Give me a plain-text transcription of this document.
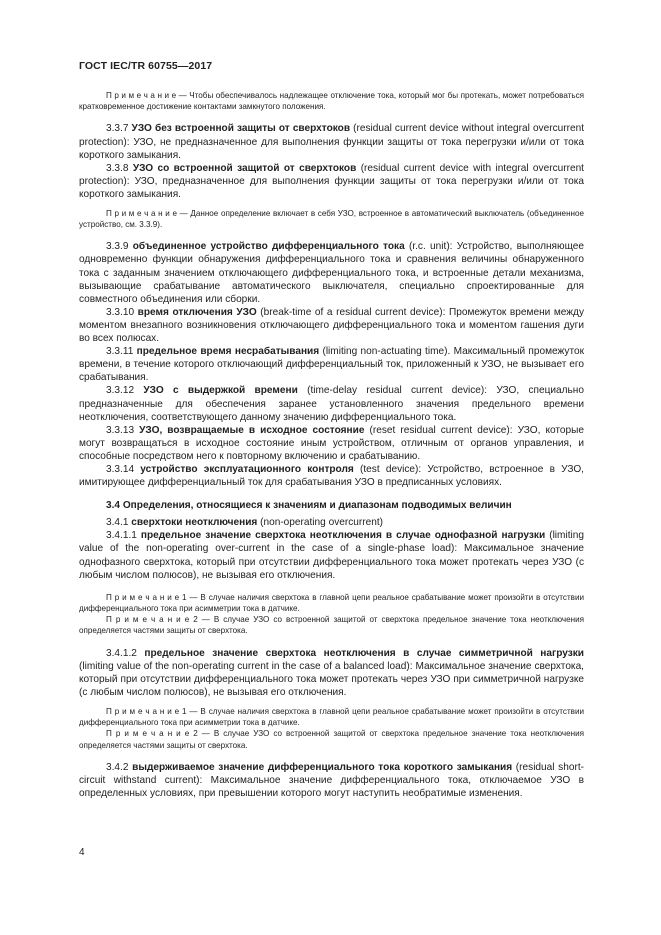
ГОСТ IEC/TR 60755—2017

П р и м е ч а н и е — Чтобы обеспечивалось надлежащее отключение тока, который мог бы протекать, может потребоваться кратковременное достижение контактами замкнутого положения.

3.3.7 УЗО без встроенной защиты от сверхтоков (residual current device without integral overcurrent protection): УЗО, не предназначенное для выполнения функции защиты от тока перегрузки и/или от тока короткого замыкания.

3.3.8 УЗО со встроенной защитой от сверхтоков (residual current device with integral overcurrent protection): УЗО, предназначенное для выполнения функции защиты от тока перегрузки и/или от тока короткого замыкания.

П р и м е ч а н и е — Данное определение включает в себя УЗО, встроенное в автоматический выключатель (объединенное устройство, см. 3.3.9).

3.3.9 объединенное устройство дифференциального тока (r.c. unit): Устройство, выполняющее одновременно функции обнаружения дифференциального тока и сравнения величины обнаруженного тока с заданным значением отключающего дифференциального тока, и встроенные детали механизма, вызывающие срабатывание автоматического выключателя, специально спроектированные для совместного объединения или сборки.

3.3.10 время отключения УЗО (break-time of a residual current device): Промежуток времени между моментом внезапного возникновения отключающего дифференциального тока и моментом гашения дуги во всех полюсах.

3.3.11 предельное время несрабатывания (limiting non-actuating time). Максимальный промежуток времени, в течение которого отключающий дифференциальный ток, приложенный к УЗО, не вызывает его срабатывания.

3.3.12 УЗО с выдержкой времени (time-delay residual current device): УЗО, специально предназначенные для обеспечения заранее установленного значения предельного времени неотключения, соответствующего данному значению дифференциального тока.

3.3.13 УЗО, возвращаемые в исходное состояние (reset residual current device): УЗО, которые могут возвращаться в исходное состояние иным устройством, отличным от органов управления, и способные посредством него к повторному включению и срабатыванию.

3.3.14 устройство эксплуатационного контроля (test device): Устройство, встроенное в УЗО, имитирующее дифференциальный ток для срабатывания УЗО в предписанных условиях.

3.4 Определения, относящиеся к значениям и диапазонам подводимых величин

3.4.1 сверхтоки неотключения (non-operating overcurrent)

3.4.1.1 предельное значение сверхтока неотключения в случае однофазной нагрузки (limiting value of the non-operating over-current in the case of a single-phase load): Максимальное значение однофазного сверхтока, который при отсутствии дифференциального тока может протекать через УЗО (с любым числом полюсов), не вызывая его отключения.

П р и м е ч а н и е 1 — В случае наличия сверхтока в главной цепи реальное срабатывание может произойти в отсутствии дифференциального тока при асимметрии тока в датчике.

П р и м е ч а н и е 2 — В случае УЗО со встроенной защитой от сверхтока предельное значение тока неотключения определяется частями защиты от сверхтока.

3.4.1.2 предельное значение сверхтока неотключения в случае симметричной нагрузки (limiting value of the non-operating current in the case of a balanced load): Максимальное значение сверхтока, который при отсутствии дифференциального тока может протекать через УЗО при симметричной нагрузке (с любым числом полюсов), не вызывая его отключения.

П р и м е ч а н и е 1 — В случае наличия сверхтока в главной цепи реальное срабатывание может произойти в отсутствии дифференциального тока при асимметрии тока в датчике.

П р и м е ч а н и е 2 — В случае УЗО со встроенной защитой от сверхтока предельное значение тока неотключения определяется частями защиты от сверхтока.

3.4.2 выдерживаемое значение дифференциального тока короткого замыкания (residual short-circuit withstand current): Максимальное значение дифференциального тока, отключаемое УЗО в определенных условиях, при превышении которого могут наступить необратимые изменения.

4
